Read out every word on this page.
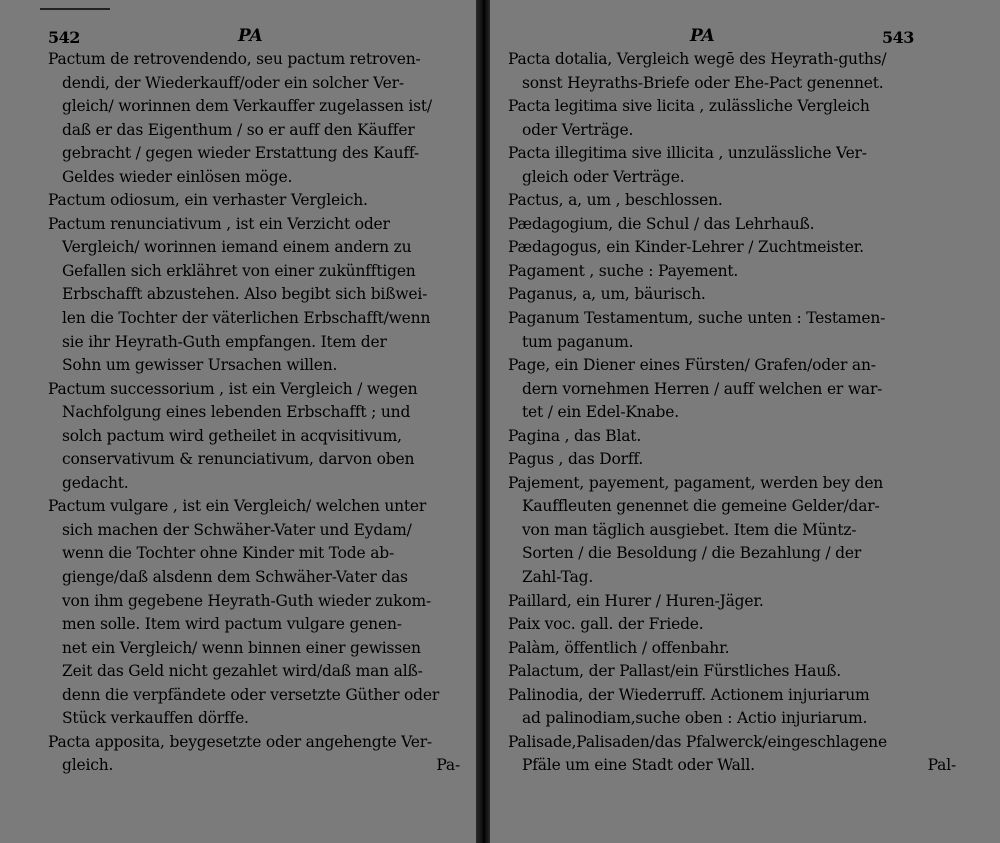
542	PA
Pactum de retrovendendo, seu pactum retroven-
dendi, der Wiederkauff/oder ein solcher Ver-
gleich/ worinnen dem Verkauffer zugelassen ist/
daß er das Eigenthum / so er auff den Käuffer
gebracht / gegen wieder Erstattung des Kauff-
Geldes wieder einlösen möge.
Pactum odiosum, ein verhaster Vergleich.
Pactum renunciativum , ist ein Verzicht oder
Vergleich/ worinnen iemand einem andern zu
Gefallen sich erklähret von einer zukünfftigen
Erbschafft abzustehen. Also begibt sich bißwei-
len die Tochter der väterlichen Erbschafft/wenn
sie ihr Heyrath-Guth empfangen. Item der
Sohn um gewisser Ursachen willen.
Pactum successorium , ist ein Vergleich / wegen
Nachfolgung eines lebenden Erbschafft ; und
solch pactum wird getheilet in acqvisitivum,
conservativum & renunciativum, darvon oben
gedacht.
Pactum vulgare , ist ein Vergleich/ welchen unter
sich machen der Schwäher-Vater und Eydam/
wenn die Tochter ohne Kinder mit Tode ab-
gienge/daß alsdenn dem Schwäher-Vater das
von ihm gegebene Heyrath-Guth wieder zukom-
men solle. Item wird pactum vulgare genen-
net ein Vergleich/ wenn binnen einer gewissen
Zeit das Geld nicht gezahlet wird/daß man alß-
denn die verpfändete oder versetzte Güther oder
Stück verkauffen dörffe.
Pacta apposita, beygesetzte oder angehengte Ver-
gleich.	Pa-
PA	543
Pacta dotalia, Vergleich wegē des Heyrath-guths/
sonst Heyraths-Briefe oder Ehe-Pact genennet.
Pacta legitima sive licita , zulässliche Vergleich
oder Verträge.
Pacta illegitima sive illicita , unzulässliche Ver-
gleich oder Verträge.
Pactus, a, um , beschlossen.
Pædagogium, die Schul / das Lehrhauß.
Pædagogus, ein Kinder-Lehrer / Zuchtmeister.
Pagament , suche : Payement.
Paganus, a, um, bäurisch.
Paganum Testamentum, suche unten : Testamen-
tum paganum.
Page, ein Diener eines Fürsten/ Grafen/oder an-
dern vornehmen Herren / auff welchen er war-
tet / ein Edel-Knabe.
Pagina , das Blat.
Pagus , das Dorff.
Pajement, payement, pagament, werden bey den
Kauffleuten genennet die gemeine Gelder/dar-
von man täglich ausgiebet. Item die Müntz-
Sorten / die Besoldung / die Bezahlung / der
Zahl-Tag.
Paillard, ein Hurer / Huren-Jäger.
Paix voc. gall. der Friede.
Palàm, öffentlich / offenbahr.
Palactum, der Pallast/ein Fürstliches Hauß.
Palinodia, der Wiederruff. Actionem injuriarum
ad palinodiam,suche oben : Actio injuriarum.
Palisade,Palisaden/das Pfalwerck/eingeschlagene
Pfäle um eine Stadt oder Wall.	Pal-
